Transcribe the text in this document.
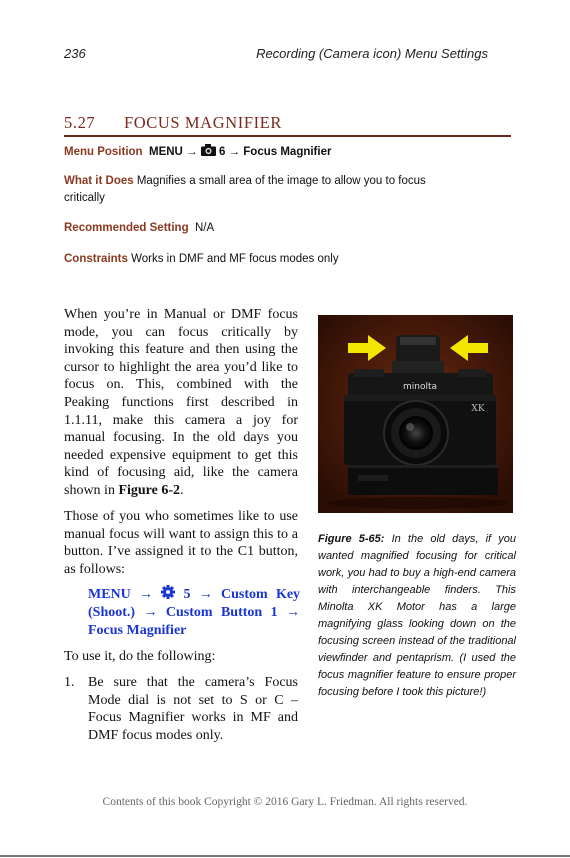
236	Recording (Camera icon) Menu Settings
5.27 FOCUS MAGNIFIER
Menu Position MENU → 6 → Focus Magnifier
What it Does Magnifies a small area of the image to allow you to focus critically
Recommended Setting N/A
Constraints Works in DMF and MF focus modes only
When you’re in Manual or DMF focus mode, you can focus critically by invoking this feature and then using the cursor to highlight the area you’d like to focus on. This, combined with the Peaking functions first described in 1.1.11, make this camera a joy for manual focusing. In the old days you needed expensive equipment to get this kind of focusing aid, like the camera shown in Figure 6-2.
Those of you who sometimes like to use manual focus will want to assign this to a button. I’ve assigned it to the C1 button, as follows:
MENU → 5 → Custom Key (Shoot.) → Custom Button 1 → Focus Magnifier
To use it, do the following:
1. Be sure that the camera’s Focus Mode dial is not set to S or C – Focus Magnifier works in MF and DMF focus modes only.
minolta
XK
Figure 5-65: In the old days, if you wanted magnified focusing for critical work, you had to buy a high-end camera with interchangeable finders. This Minolta XK Motor has a large magnifying glass looking down on the focusing screen instead of the traditional viewfinder and pentaprism. (I used the focus magnifier feature to ensure proper focusing before I took this picture!)
Contents of this book Copyright © 2016 Gary L. Friedman. All rights reserved.
